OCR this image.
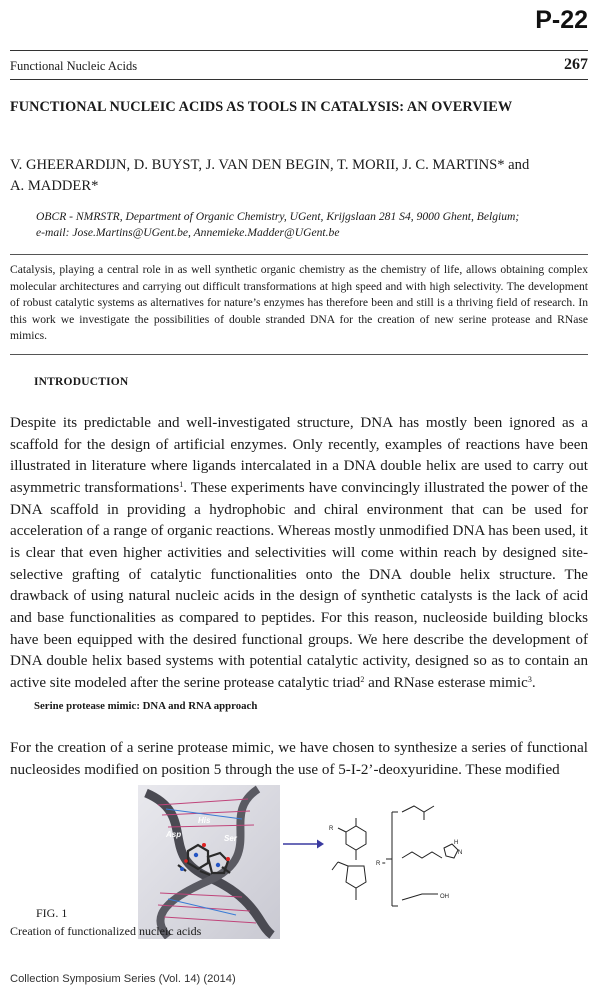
P-22
Functional Nucleic Acids	267
FUNCTIONAL NUCLEIC ACIDS AS TOOLS IN CATALYSIS: AN OVERVIEW
V. GHEERARDIJN, D. BUYST, J. VAN DEN BEGIN, T. MORII, J. C. MARTINS* and
A. MADDER*
OBCR - NMRSTR, Department of Organic Chemistry, UGent, Krijgslaan 281 S4, 9000 Ghent, Belgium;
e-mail: Jose.Martins@UGent.be, Annemieke.Madder@UGent.be
Catalysis, playing a central role in as well synthetic organic chemistry as the chemistry of life, allows obtaining complex molecular architectures and carrying out difficult transformations at high speed and with high selectivity. The development of robust catalytic systems as alternatives for nature’s enzymes has therefore been and still is a thriving field of research. In this work we investigate the possibilities of double stranded DNA for the creation of new serine protease and RNase mimics.
INTRODUCTION
Despite its predictable and well-investigated structure, DNA has mostly been ignored as a scaffold for the design of artificial enzymes. Only recently, examples of reactions have been illustrated in literature where ligands intercalated in a DNA double helix are used to carry out asymmetric transformations$^1$. These experiments have convincingly illustrated the power of the DNA scaffold in providing a hydrophobic and chiral environment that can be used for acceleration of a range of organic reactions. Whereas mostly unmodified DNA has been used, it is clear that even higher activities and selectivities will come within reach by designed site-selective grafting of catalytic functionalities onto the DNA double helix structure. The drawback of using natural nucleic acids in the design of synthetic catalysts is the lack of acid and base functionalities as compared to peptides. For this reason, nucleoside building blocks have been equipped with the desired functional groups. We here describe the development of DNA double helix based systems with potential catalytic activity, designed so as to contain an active site modeled after the serine protease catalytic triad$^2$ and RNase esterase mimic$^3$.
Serine protease mimic: DNA and RNA approach
For the creation of a serine protease mimic, we have chosen to synthesize a series of functional nucleosides modified on position 5 through the use of 5-I-2’-deoxyuridine. These modified
His
Asp	Ser
R
R =
OH
H
N
FIG. 1
Creation of functionalized nucleic acids
Collection Symposium Series (Vol. 14) (2014)
